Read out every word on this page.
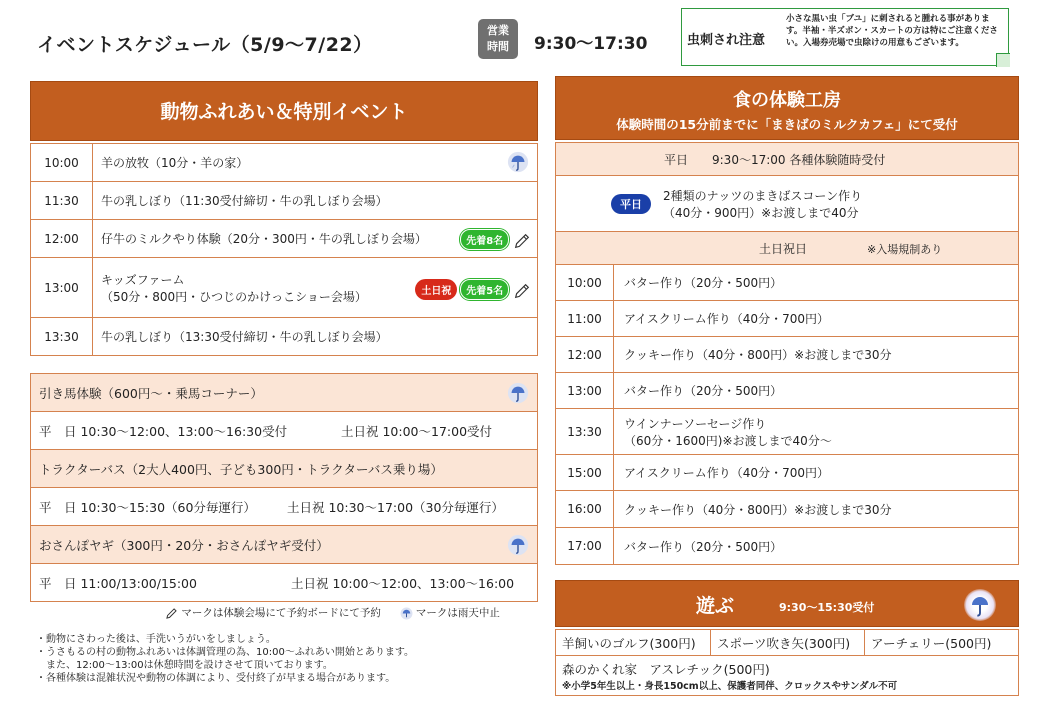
イベントスケジュール（5/9〜7/22）
営業
時間	9:30〜17:30	虫刺され注意
小さな黒い虫「ブユ」に刺されると腫れる事があります。半袖・半ズボン・スカートの方は特にご注意ください。入場券売場で虫除けの用意もございます。
動物ふれあい＆特別イベント
10:00	羊の放牧（10分・羊の家）

11:30	牛の乳しぼり（11:30受付締切・牛の乳しぼり会場）
12:00	仔牛のミルクやり体験（20分・300円・牛の乳しぼり会場） 先着8名

13:00	キッズファーム
（50分・800円・ひつじのかけっこショー会場） 土日祝 先着5名

13:30	牛の乳しぼり（13:30受付締切・牛の乳しぼり会場）
引き馬体験（600円〜・乗馬コーナー）

平　日 10:30〜12:00、13:00〜16:30受付	土日祝 10:00〜17:00受付
トラクターバス（2大人400円、子ども300円・トラクターバス乗り場）
平　日 10:30〜15:30（60分毎運行） 土日祝 10:30〜17:00（30分毎運行）
おさんぽヤギ（300円・20分・おさんぽヤギ受付）

平　日 11:00/13:00/15:00	土日祝 10:00〜12:00、13:00〜16:00
マークは体験会場にて予約ボードにて予約	マークは雨天中止
・動物にさわった後は、手洗いうがいをしましょう。
・うさもるの村の動物ふれあいは体調管理の為、10:00〜ふれあい開始とあります。
　また、12:00〜13:00は休憩時間を設けさせて頂いております。
・各種体験は混雑状況や動物の体調により、受付終了が早まる場合があります。
食の体験工房
体験時間の15分前までに「まきばのミルクカフェ」にて受付
平日　　9:30〜17:00 各種体験随時受付	

平日
2種類のナッツのまきばスコーン作り
（40分・900円）※お渡しまで40分	

土日祝日 ※入場規制あり	
10:00	バター作り（20分・500円）
11:00	アイスクリーム作り（40分・700円）
12:00	クッキー作り（40分・800円）※お渡しまで30分
13:00	バター作り（20分・500円）
13:30	ウインナーソーセージ作り
（60分・1600円)※お渡しまで40分〜

15:00	アイスクリーム作り（40分・700円）
16:00	クッキー作り（40分・800円）※お渡しまで30分
17:00	バター作り（20分・500円）
遊ぶ	9:30〜15:30受付
羊飼いのゴルフ(300円)	スポーツ吹き矢(300円)	アーチェリー(500円)

森のかくれ家　アスレチック(500円)
※小学5年生以上・身長150cm以上、保護者同伴、クロックスやサンダル不可
